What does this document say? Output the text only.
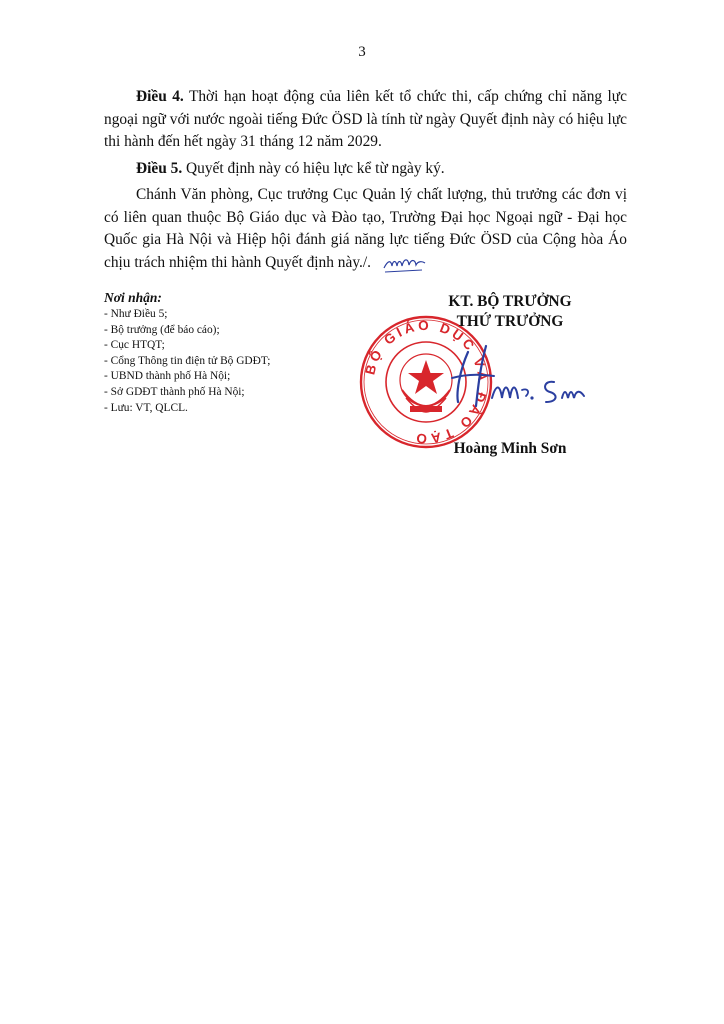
3

Điều 4. Thời hạn hoạt động của liên kết tổ chức thi, cấp chứng chỉ năng lực ngoại ngữ với nước ngoài tiếng Đức ÖSD là tính từ ngày Quyết định này có hiệu lực thi hành đến hết ngày 31 tháng 12 năm 2029.

Điều 5. Quyết định này có hiệu lực kể từ ngày ký.

Chánh Văn phòng, Cục trưởng Cục Quản lý chất lượng, thủ trưởng các đơn vị có liên quan thuộc Bộ Giáo dục và Đào tạo, Trường Đại học Ngoại ngữ - Đại học Quốc gia Hà Nội và Hiệp hội đánh giá năng lực tiếng Đức ÖSD của Cộng hòa Áo chịu trách nhiệm thi hành Quyết định này./.

Nơi nhận:
- Như Điều 5;
- Bộ trưởng (để báo cáo);
- Cục HTQT;
- Cổng Thông tin điện tử Bộ GDĐT;
- UBND thành phố Hà Nội;
- Sở GDĐT thành phố Hà Nội;
- Lưu: VT, QLCL.
BỘ GIÁO DỤC VÀ ĐÀO TẠO
KT. BỘ TRƯỞNG
THỨ TRƯỞNG
Hoàng Minh Sơn
